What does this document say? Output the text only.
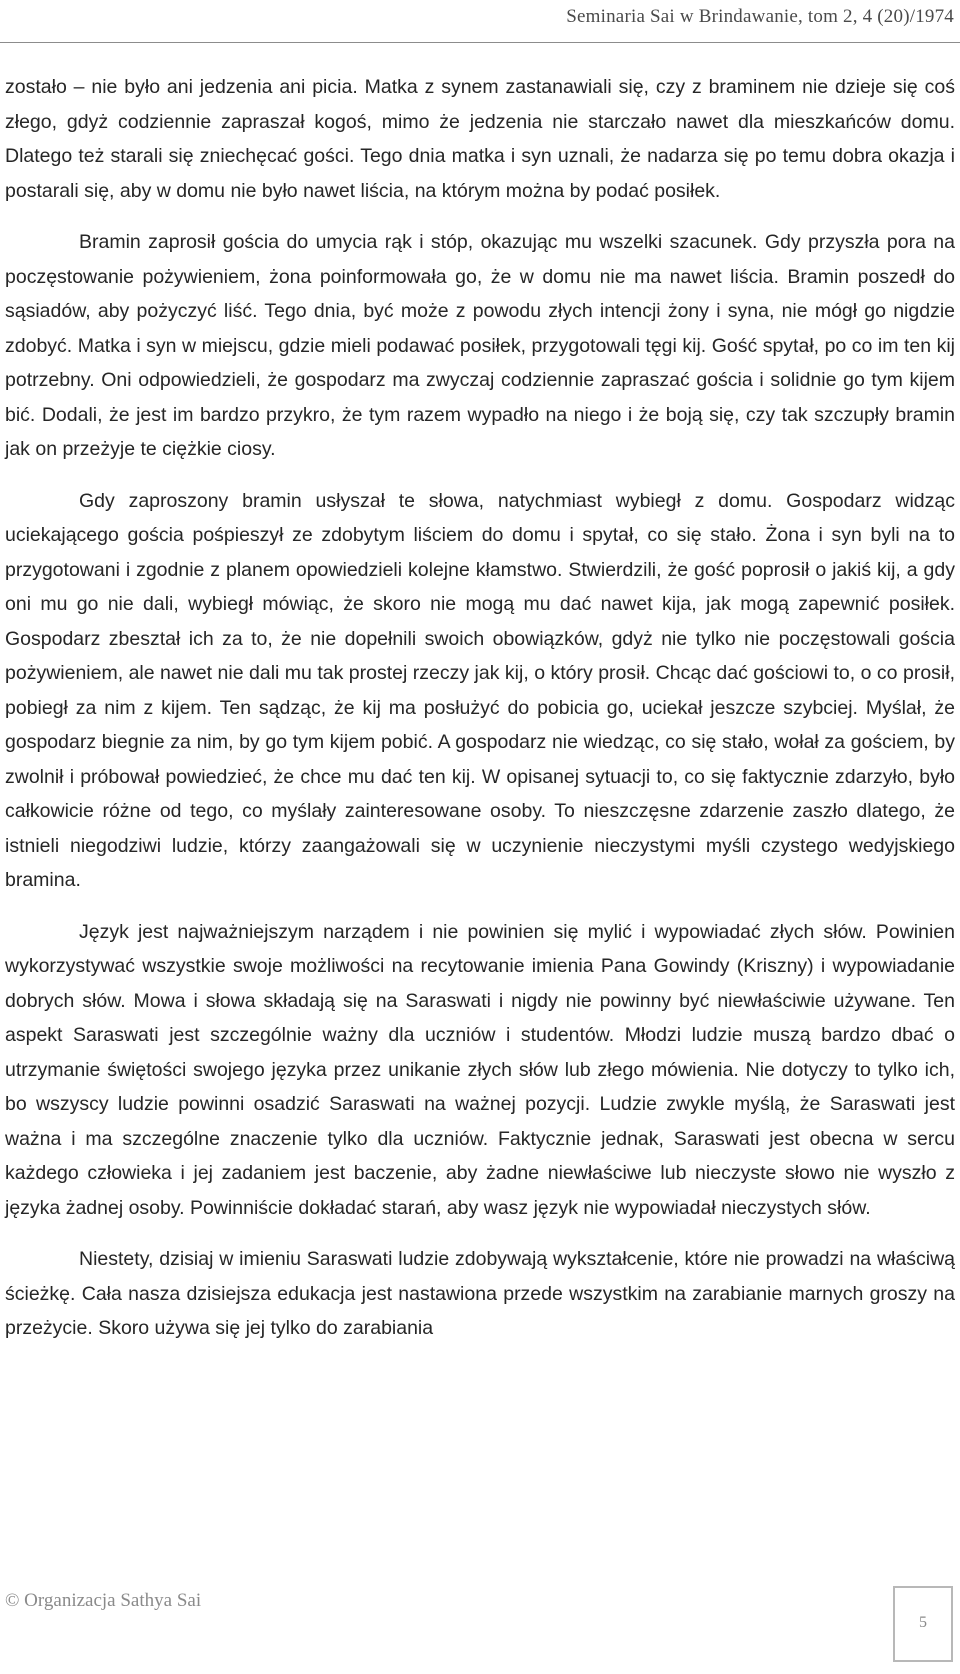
Seminaria Sai w Brindawanie, tom 2, 4 (20)/1974

zostało – nie było ani jedzenia ani picia. Matka z synem zastanawiali się, czy z braminem nie dzieje się coś złego, gdyż codziennie zapraszał kogoś, mimo że jedzenia nie starczało nawet dla mieszkańców domu. Dlatego też starali się zniechęcać gości. Tego dnia matka i syn uznali, że nadarza się po temu dobra okazja i postarali się, aby w domu nie było nawet liścia, na którym można by podać posiłek.

Bramin zaprosił gościa do umycia rąk i stóp, okazując mu wszelki szacunek. Gdy przyszła pora na poczęstowanie pożywieniem, żona poinformowała go, że w domu nie ma nawet liścia. Bramin poszedł do sąsiadów, aby pożyczyć liść. Tego dnia, być może z powodu złych intencji żony i syna, nie mógł go nigdzie zdobyć. Matka i syn w miejscu, gdzie mieli podawać posiłek, przygotowali tęgi kij. Gość spytał, po co im ten kij potrzebny. Oni odpowiedzieli, że gospodarz ma zwyczaj codziennie zapraszać gościa i solidnie go tym kijem bić. Dodali, że jest im bardzo przykro, że tym razem wypadło na niego i że boją się, czy tak szczupły bramin jak on przeżyje te ciężkie ciosy.

Gdy zaproszony bramin usłyszał te słowa, natychmiast wybiegł z domu. Gospodarz widząc uciekającego gościa pośpieszył ze zdobytym liściem do domu i spytał, co się stało. Żona i syn byli na to przygotowani i zgodnie z planem opowiedzieli kolejne kłamstwo. Stwierdzili, że gość poprosił o jakiś kij, a gdy oni mu go nie dali, wybiegł mówiąc, że skoro nie mogą mu dać nawet kija, jak mogą zapewnić posiłek. Gospodarz zbeształ ich za to, że nie dopełnili swoich obowiązków, gdyż nie tylko nie poczęstowali gościa pożywieniem, ale nawet nie dali mu tak prostej rzeczy jak kij, o który prosił. Chcąc dać gościowi to, o co prosił, pobiegł za nim z kijem. Ten sądząc, że kij ma posłużyć do pobicia go, uciekał jeszcze szybciej. Myślał, że gospodarz biegnie za nim, by go tym kijem pobić. A gospodarz nie wiedząc, co się stało, wołał za gościem, by zwolnił i próbował powiedzieć, że chce mu dać ten kij. W opisanej sytuacji to, co się faktycznie zdarzyło, było całkowicie różne od tego, co myślały zainteresowane osoby. To nieszczęsne zdarzenie zaszło dlatego, że istnieli niegodziwi ludzie, którzy zaangażowali się w uczynienie nieczystymi myśli czystego wedyjskiego bramina.

Język jest najważniejszym narządem i nie powinien się mylić i wypowiadać złych słów. Powinien wykorzystywać wszystkie swoje możliwości na recytowanie imienia Pana Gowindy (Kriszny) i wypowiadanie dobrych słów. Mowa i słowa składają się na Saraswati i nigdy nie powinny być niewłaściwie używane. Ten aspekt Saraswati jest szczególnie ważny dla uczniów i studentów. Młodzi ludzie muszą bardzo dbać o utrzymanie świętości swojego języka przez unikanie złych słów lub złego mówienia. Nie dotyczy to tylko ich, bo wszyscy ludzie powinni osadzić Saraswati na ważnej pozycji. Ludzie zwykle myślą, że Saraswati jest ważna i ma szczególne znaczenie tylko dla uczniów. Faktycznie jednak, Saraswati jest obecna w sercu każdego człowieka i jej zadaniem jest baczenie, aby żadne niewłaściwe lub nieczyste słowo nie wyszło z języka żadnej osoby. Powinniście dokładać starań, aby wasz język nie wypowiadał nieczystych słów.

Niestety, dzisiaj w imieniu Saraswati ludzie zdobywają wykształcenie, które nie prowadzi na właściwą ścieżkę. Cała nasza dzisiejsza edukacja jest nastawiona przede wszystkim na zarabianie marnych groszy na przeżycie. Skoro używa się jej tylko do zarabiania

© Organizacja Sathya Sai
5
